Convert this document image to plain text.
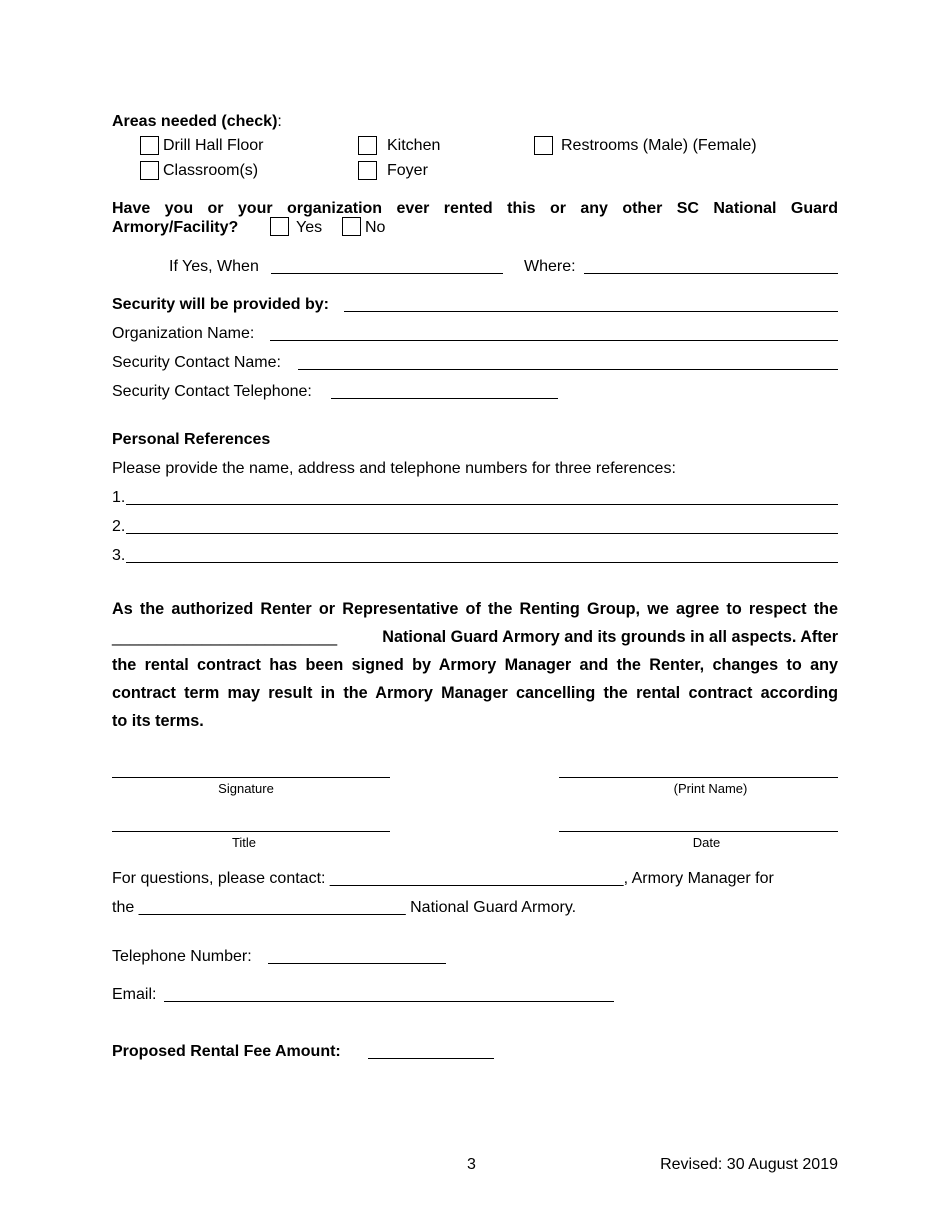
Areas needed (check):
Drill Hall Floor	Kitchen	Restrooms (Male) (Female)
Classroom(s)	Foyer
Have you or your organization ever rented this or any other SC National Guard
Armory/Facility?	Yes	No
If Yes, When	Where:
Security will be provided by:
Organization Name:
Security Contact Name:
Security Contact Telephone:
Personal References
Please provide the name, address and telephone numbers for three references:
1.
2.
3.
As the authorized Renter or Representative of the Renting Group, we agree to respect the
_________________________	National Guard Armory and its grounds in all aspects. After
the rental contract has been signed by Armory Manager and the Renter, changes to any
contract term may result in the Armory Manager cancelling the rental contract according
to its terms.
Signature	(Print Name)
Title	Date
For questions, please contact: _________________________________, Armory Manager for
the ______________________________ National Guard Armory.
Telephone Number:
Email:
Proposed Rental Fee Amount:
3	Revised: 30 August 2019
